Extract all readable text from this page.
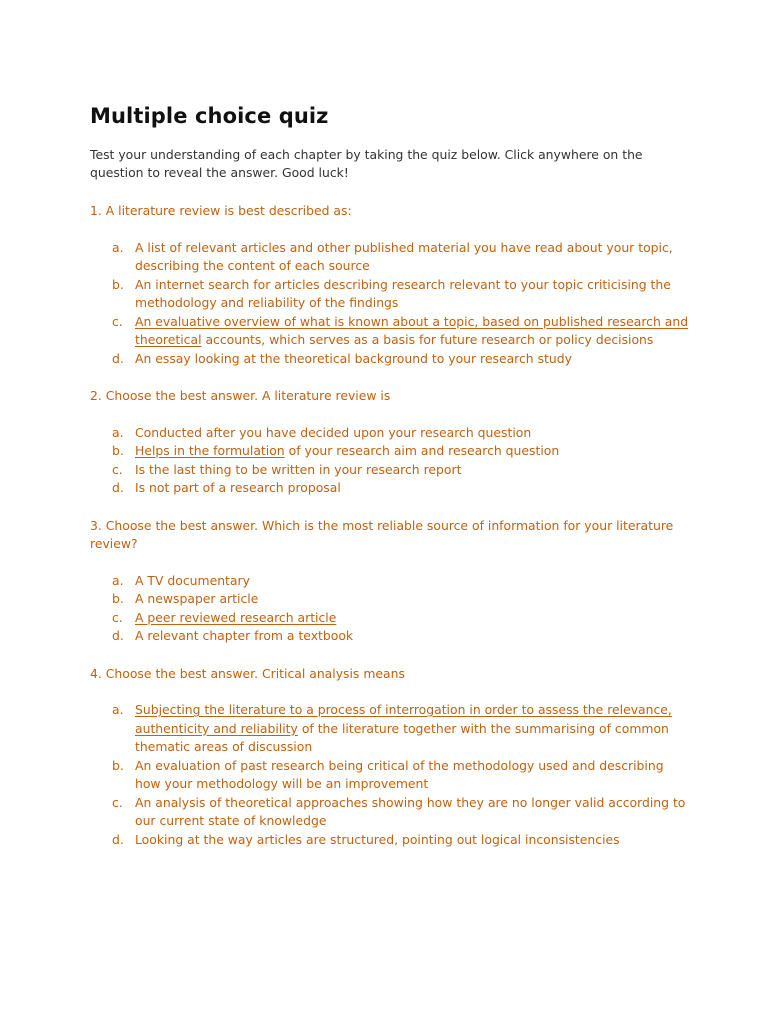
Multiple choice quiz

Test your understanding of each chapter by taking the quiz below. Click anywhere on the question to reveal the answer. Good luck!

1. A literature review is best described as:

a. A list of relevant articles and other published material you have read about your topic, describing the content of each source
b. An internet search for articles describing research relevant to your topic criticising the methodology and reliability of the findings
c. An evaluative overview of what is known about a topic, based on published research and theoretical accounts, which serves as a basis for future research or policy decisions
d. An essay looking at the theoretical background to your research study

2. Choose the best answer. A literature review is

a. Conducted after you have decided upon your research question
b. Helps in the formulation of your research aim and research question
c. Is the last thing to be written in your research report
d. Is not part of a research proposal

3. Choose the best answer. Which is the most reliable source of information for your literature review?

a. A TV documentary
b. A newspaper article
c. A peer reviewed research article
d. A relevant chapter from a textbook

4. Choose the best answer. Critical analysis means

a. Subjecting the literature to a process of interrogation in order to assess the relevance, authenticity and reliability of the literature together with the summarising of common thematic areas of discussion
b. An evaluation of past research being critical of the methodology used and describing how your methodology will be an improvement
c. An analysis of theoretical approaches showing how they are no longer valid according to our current state of knowledge
d. Looking at the way articles are structured, pointing out logical inconsistencies
